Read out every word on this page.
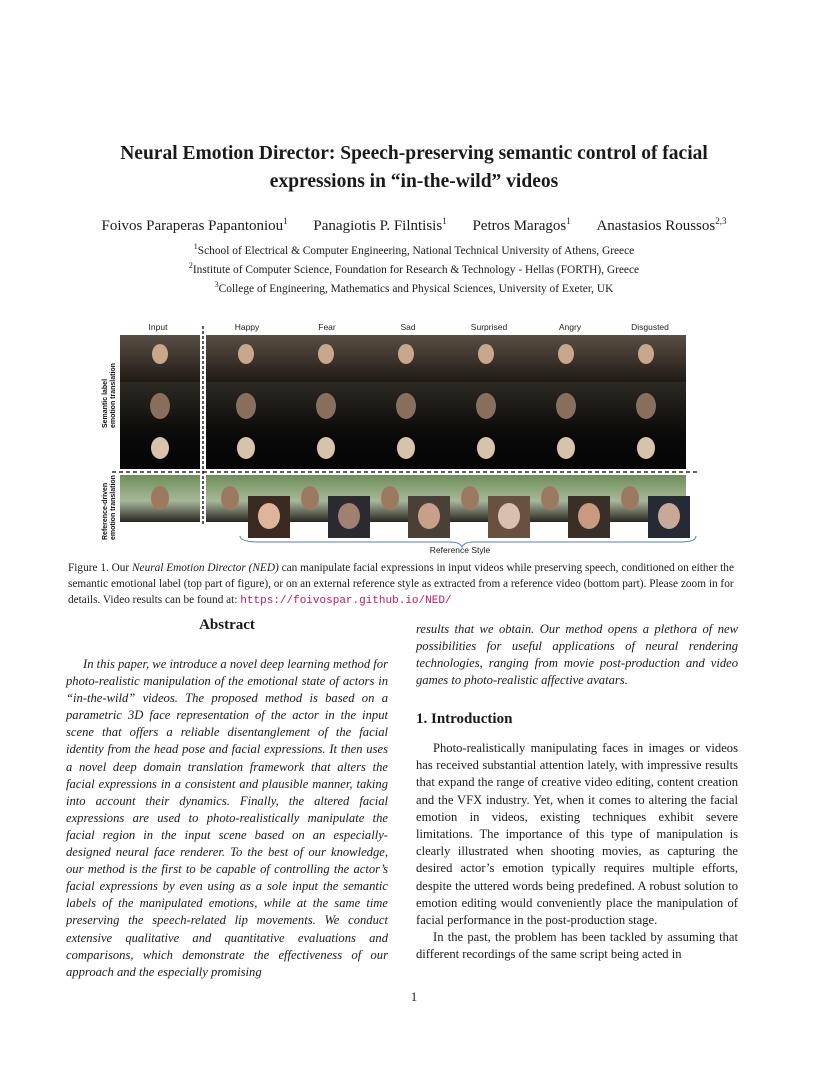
Neural Emotion Director: Speech-preserving semantic control of facial
expressions in “in-the-wild” videos
Foivos Paraperas Papantoniou$^1$ Panagiotis P. Filntisis$^1$ Petros Maragos$^1$ Anastasios Roussos$^{2,3}$
$^1$School of Electrical & Computer Engineering, National Technical University of Athens, Greece
$^2$Institute of Computer Science, Foundation for Research & Technology - Hellas (FORTH), Greece
$^3$College of Engineering, Mathematics and Physical Sciences, University of Exeter, UK
Input	Happy	Fear	Sad	Surprised	Angry	Disgusted
Semantic label emotion translation
Reference-driven emotion translation
Reference Style
Figure 1. Our Neural Emotion Director (NED) can manipulate facial expressions in input videos while preserving speech, conditioned on either the semantic emotional label (top part of figure), or on an external reference style as extracted from a reference video (bottom part). Please zoom in for details. Video results can be found at: https://foivospar.github.io/NED/
Abstract
In this paper, we introduce a novel deep learning method for photo-realistic manipulation of the emotional state of actors in “in-the-wild” videos. The proposed method is based on a parametric 3D face representation of the actor in the input scene that offers a reliable disentanglement of the facial identity from the head pose and facial expressions. It then uses a novel deep domain translation framework that alters the facial expressions in a consistent and plausible manner, taking into account their dynamics. Finally, the altered facial expressions are used to photo-realistically manipulate the facial region in the input scene based on an especially-designed neural face renderer. To the best of our knowledge, our method is the first to be capable of controlling the actor’s facial expressions by even using as a sole input the semantic labels of the manipulated emotions, while at the same time preserving the speech-related lip movements. We conduct extensive qualitative and quantitative evaluations and comparisons, which demonstrate the effectiveness of our approach and the especially promising
results that we obtain. Our method opens a plethora of new possibilities for useful applications of neural rendering technologies, ranging from movie post-production and video games to photo-realistic affective avatars.
1. Introduction

Photo-realistically manipulating faces in images or videos has received substantial attention lately, with impressive results that expand the range of creative video editing, content creation and the VFX industry. Yet, when it comes to altering the facial emotion in videos, existing techniques exhibit severe limitations. The importance of this type of manipulation is clearly illustrated when shooting movies, as capturing the desired actor’s emotion typically requires multiple efforts, despite the uttered words being predefined. A robust solution to emotion editing would conveniently place the manipulation of facial performance in the post-production stage.

In the past, the problem has been tackled by assuming that different recordings of the same script being acted in

1
